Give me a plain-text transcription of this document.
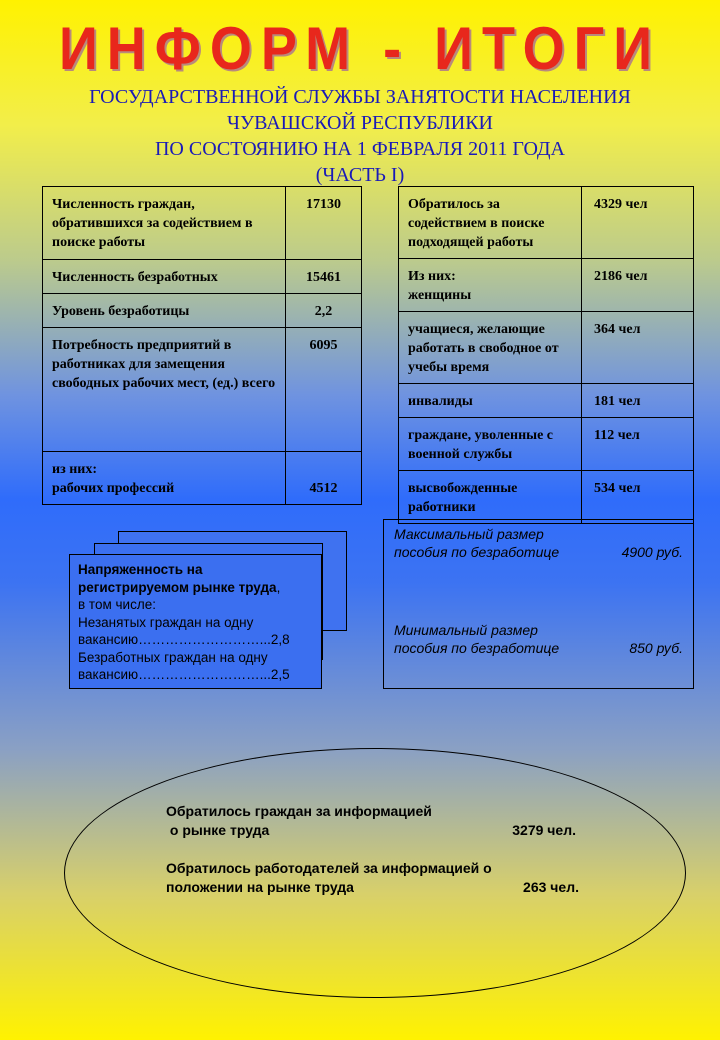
ИНФОРМ - ИТОГИ
ГОСУДАРСТВЕННОЙ СЛУЖБЫ ЗАНЯТОСТИ НАСЕЛЕНИЯ
ЧУВАШСКОЙ РЕСПУБЛИКИ
ПО СОСТОЯНИЮ НА 1 ФЕВРАЛЯ 2011 ГОДА
(ЧАСТЬ I)
Численность граждан, обратившихся за содействием в поиске работы	17130
Численность безработных	15461
Уровень безработицы	2,2
Потребность предприятий в работниках для замещения свободных рабочих мест, (ед.) всего	6095

из них:
рабочих профессий	4512
Обратилось за содействием в поиске подходящей работы	4329 чел

Из них:
женщины	2186 чел
учащиеся, желающие работать в свободное от учебы время	364 чел
инвалиды	181 чел
граждане, уволенные с военной службы	112 чел
высвобожденные работники	534 чел
Напряженность на регистрируемом рынке труда,
в том числе:
Незанятых граждан на одну
вакансию………………………...2,8
Безработных граждан на одну
вакансию………………………...2,5
Максимальный размер
пособия по безработице	4900 руб.
Минимальный размер
пособия по безработице	850 руб.
Обратилось граждан за информацией
о рынке труда	3279 чел.
Обратилось работодателей за информацией о
положении на рынке труда	263 чел.
